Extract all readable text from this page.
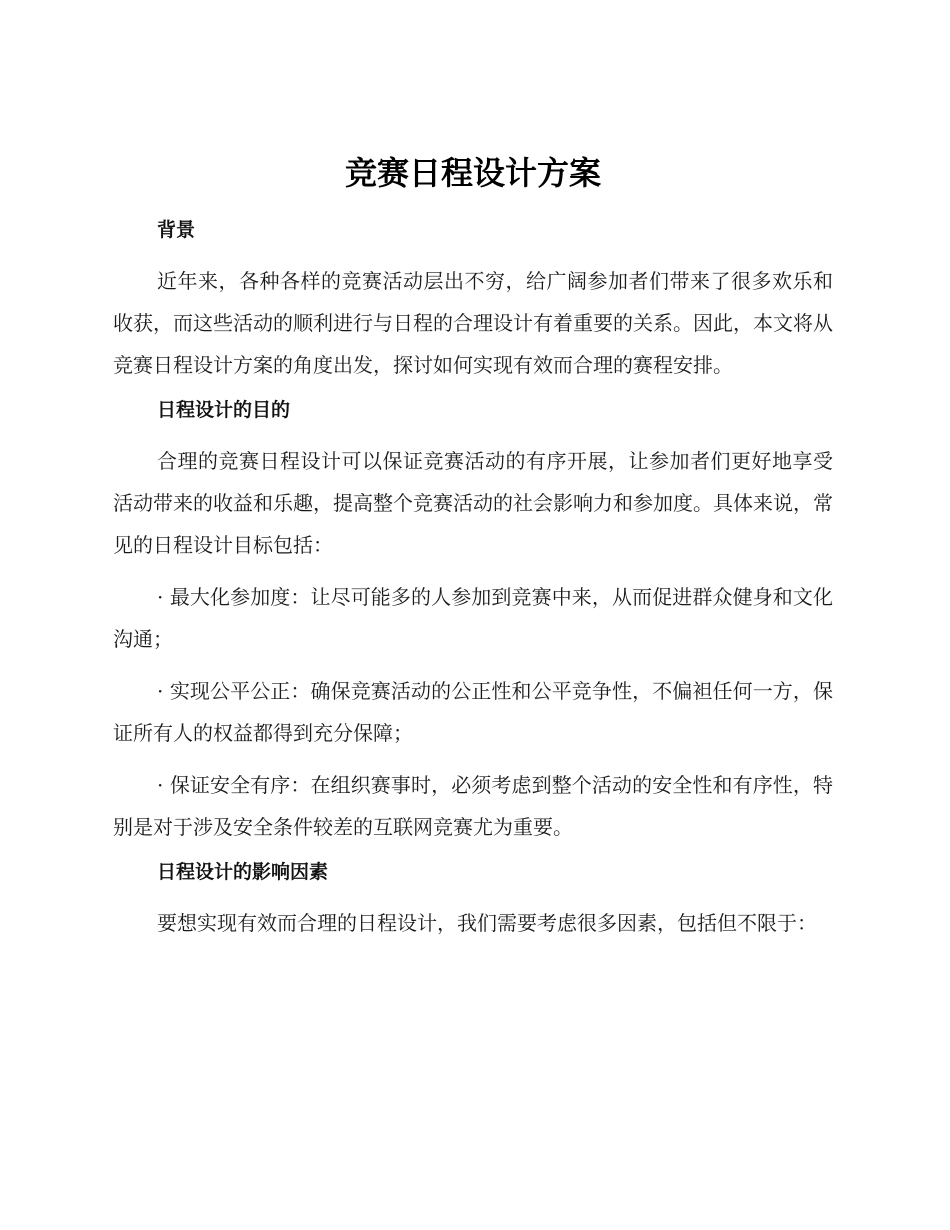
竞赛日程设计方案
背景

近年来，各种各样的竞赛活动层出不穷，给广阔参加者们带来了很多欢乐和收获，而这些活动的顺利进行与日程的合理设计有着重要的关系。因此，本文将从竞赛日程设计方案的角度出发，探讨如何实现有效而合理的赛程安排。

日程设计的目的

合理的竞赛日程设计可以保证竞赛活动的有序开展，让参加者们更好地享受活动带来的收益和乐趣，提高整个竞赛活动的社会影响力和参加度。具体来说，常见的日程设计目标包括：

· 最大化参加度：让尽可能多的人参加到竞赛中来，从而促进群众健身和文化沟通；

· 实现公平公正：确保竞赛活动的公正性和公平竞争性，不偏袒任何一方，保证所有人的权益都得到充分保障；

· 保证安全有序：在组织赛事时，必须考虑到整个活动的安全性和有序性，特别是对于涉及安全条件较差的互联网竞赛尤为重要。

日程设计的影响因素

要想实现有效而合理的日程设计，我们需要考虑很多因素，包括但不限于：
